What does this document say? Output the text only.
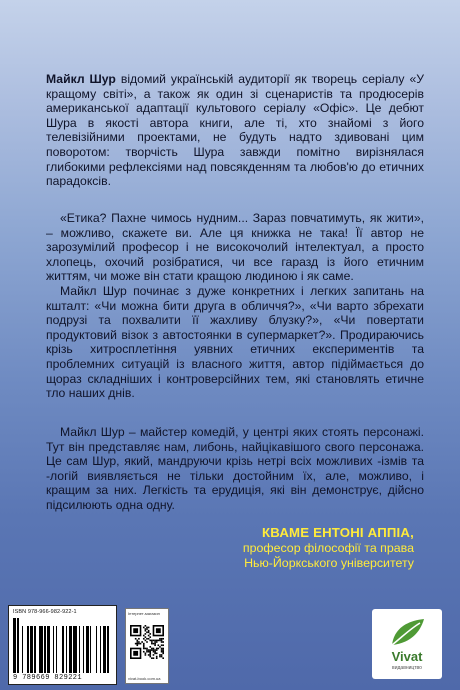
Майкл Шур відомий українській аудиторії як творець серіалу «У кращому світі», а також як один зі сценаристів та продюсерів американської адаптації культового серіалу «Офіс». Це дебют Шура в якості автора книги, але ті, хто знайомі з його телевізійними проектами, не будуть надто здивовані цим поворотом: творчість Шура завжди помітно вирізнялася глибокими рефлексіями над повсякденням та любов'ю до етичних парадоксів.

«Етика? Пахне чимось нудним... Зараз повчатимуть, як жити», – можливо, скажете ви. Але ця книжка не така! Її автор не зарозумілий професор і не високочолий інтелектуал, а просто хлопець, охочий розібратися, чи все гаразд із його етичним життям, чи може він стати кращою людиною і як саме.

Майкл Шур починає з дуже конкретних і легких запитань на кшталт: «Чи можна бити друга в обличчя?», «Чи варто збрехати подрузі та похвалити її жахливу блузку?», «Чи повертати продуктовий візок з автостоянки в супермаркет?». Продираючись крізь хитросплетіння уявних етичних експериментів та проблемних ситуацій із власного життя, автор підіймається до щораз складніших і контроверсійних тем, які становлять етичне тло наших днів.

Майкл Шур – майстер комедій, у центрі яких стоять персонажі. Тут він представляє нам, либонь, найцікавішого свого персонажа. Це сам Шур, який, мандруючи крізь нетрі всіх можливих -ізмів та -логій виявляється не тільки достойним їх, але, можливо, і кращим за них. Легкість та ерудиція, які він демонструє, дійсно підсилюють одна одну.

КВАМЕ ЕНТОНІ АППІА,
професор філософії та права
Нью-Йоркського університету
ISBN 978-966-982-922-1
9 789669 829221
Інтернет-магазин
vivat-book.com.ua
Vivat
видавництво
